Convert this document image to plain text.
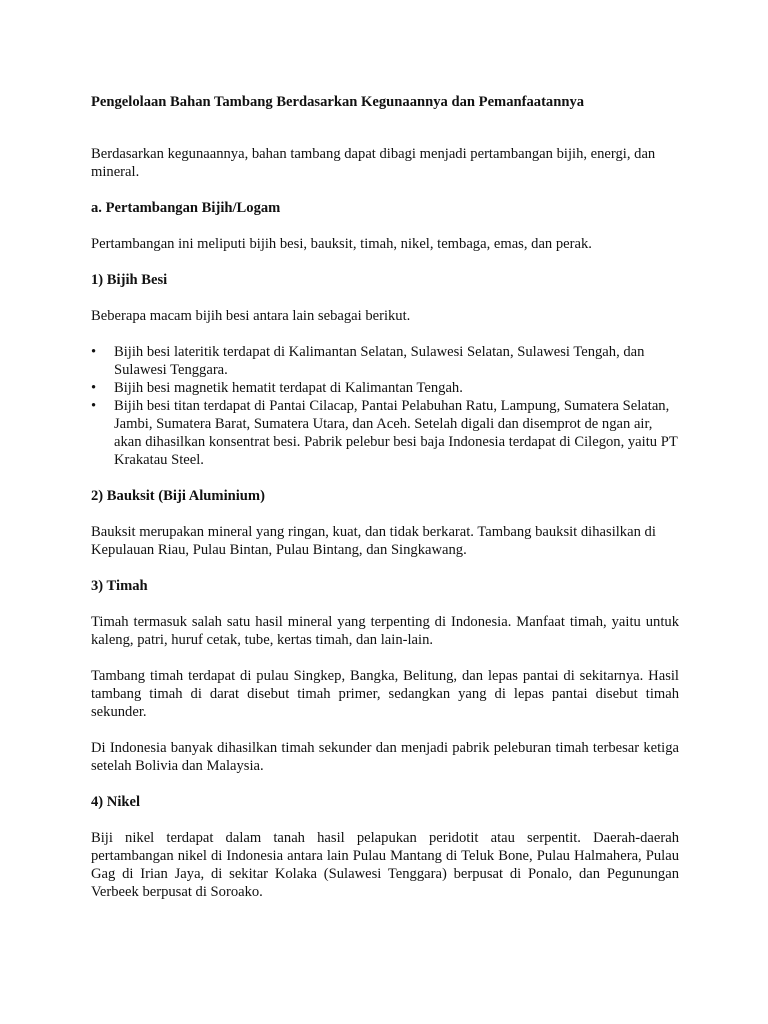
Pengelolaan Bahan Tambang Berdasarkan Kegunaannya dan Pemanfaatannya

Berdasarkan kegunaannya, bahan tambang dapat dibagi menjadi pertambangan bijih, energi, dan mineral.

a. Pertambangan Bijih/Logam

Pertambangan ini meliputi bijih besi, bauksit, timah, nikel, tembaga, emas, dan perak.

1) Bijih Besi

Beberapa macam bijih besi antara lain sebagai berikut.

• Bijih besi lateritik terdapat di Kalimantan Selatan, Sulawesi Selatan, Sulawesi Tengah, dan Sulawesi Tenggara.
• Bijih besi magnetik hematit terdapat di Kalimantan Tengah.
• Bijih besi titan terdapat di Pantai Cilacap, Pantai Pelabuhan Ratu, Lampung, Sumatera Selatan, Jambi, Sumatera Barat, Sumatera Utara, dan Aceh. Setelah digali dan disemprot de ngan air, akan dihasilkan konsentrat besi. Pabrik pelebur besi baja Indonesia terdapat di Cilegon, yaitu PT Krakatau Steel.

2) Bauksit (Biji Aluminium)

Bauksit merupakan mineral yang ringan, kuat, dan tidak berkarat. Tambang bauksit dihasilkan di Kepulauan Riau, Pulau Bintan, Pulau Bintang, dan Singkawang.

3) Timah

Timah termasuk salah satu hasil mineral yang terpenting di Indonesia. Manfaat timah, yaitu untuk kaleng, patri, huruf cetak, tube, kertas timah, dan lain-lain.

Tambang timah terdapat di pulau Singkep, Bangka, Belitung, dan lepas pantai di sekitarnya. Hasil tambang timah di darat disebut timah primer, sedangkan yang di lepas pantai disebut timah sekunder.

Di Indonesia banyak dihasilkan timah sekunder dan menjadi pabrik peleburan timah terbesar ketiga setelah Bolivia dan Malaysia.

4) Nikel

Biji nikel terdapat dalam tanah hasil pelapukan peridotit atau serpentit. Daerah-daerah pertambangan nikel di Indonesia antara lain Pulau Mantang di Teluk Bone, Pulau Halmahera, Pulau Gag di Irian Jaya, di sekitar Kolaka (Sulawesi Tenggara) berpusat di Ponalo, dan Pegunungan Verbeek berpusat di Soroako.
